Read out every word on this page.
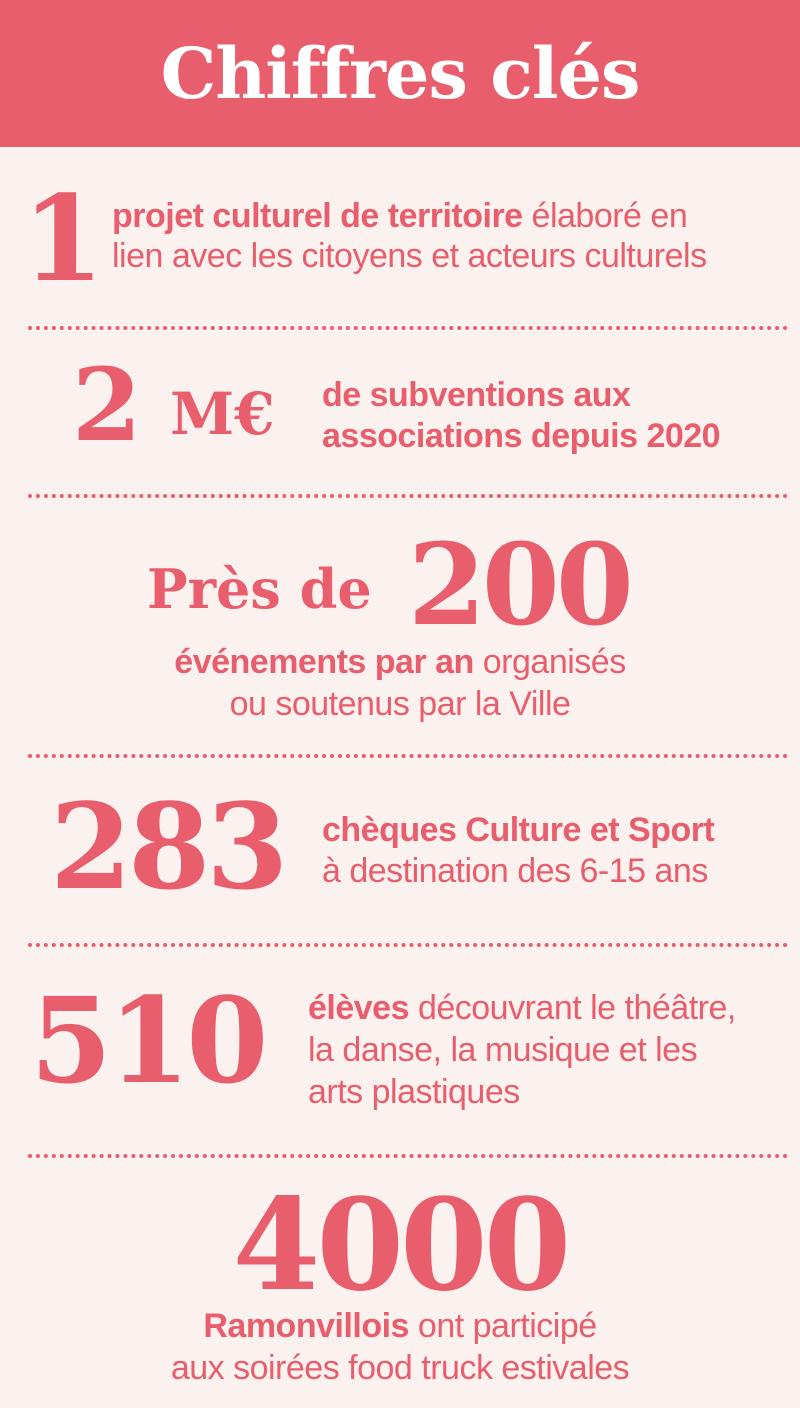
Chiffres clés
1 projet culturel de territoire élaboré en
lien avec les citoyens et acteurs culturels
2 M€ de subventions aux
associations depuis 2020
Près de 200
événements par an organisés
ou soutenus par la Ville
283 chèques Culture et Sport
à destination des 6-15 ans
510 élèves découvrant le théâtre,
la danse, la musique et les
arts plastiques
4000
Ramonvillois ont participé
aux soirées food truck estivales
